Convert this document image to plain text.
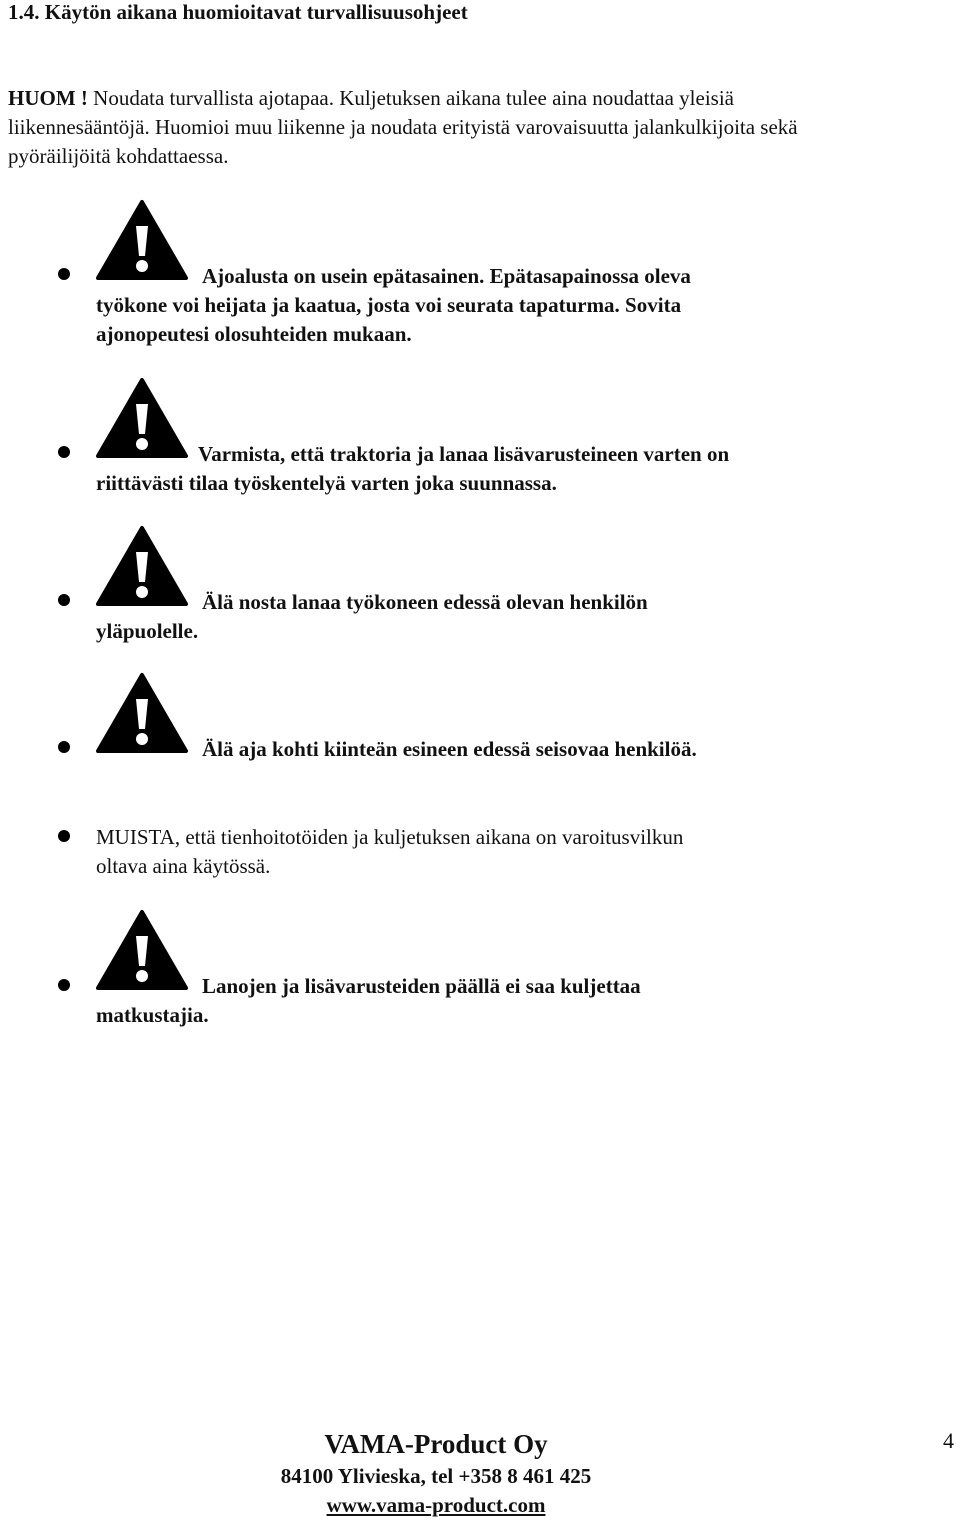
1.4. Käytön aikana huomioitavat turvallisuusohjeet
HUOM ! Noudata turvallista ajotapaa. Kuljetuksen aikana tulee aina noudattaa yleisiä liikennesääntöjä. Huomioi muu liikenne ja noudata erityistä varovaisuutta jalankulkijoita sekä pyöräilijöitä kohdattaessa.
Ajoalusta on usein epätasainen. Epätasapainossa oleva
työkone voi heijata ja kaatua, josta voi seurata tapaturma. Sovita
ajonopeutesi olosuhteiden mukaan.
Varmista, että traktoria ja lanaa lisävarusteineen varten on
riittävästi tilaa työskentelyä varten joka suunnassa.
Älä nosta lanaa työkoneen edessä olevan henkilön
yläpuolelle.
Älä aja kohti kiinteän esineen edessä seisovaa henkilöä.
MUISTA, että tienhoitotöiden ja kuljetuksen aikana on varoitusvilkun
oltava aina käytössä.
Lanojen ja lisävarusteiden päällä ei saa kuljettaa
matkustajia.
VAMA-Product Oy
84100 Ylivieska, tel +358 8 461 425
www.vama-product.com
4
